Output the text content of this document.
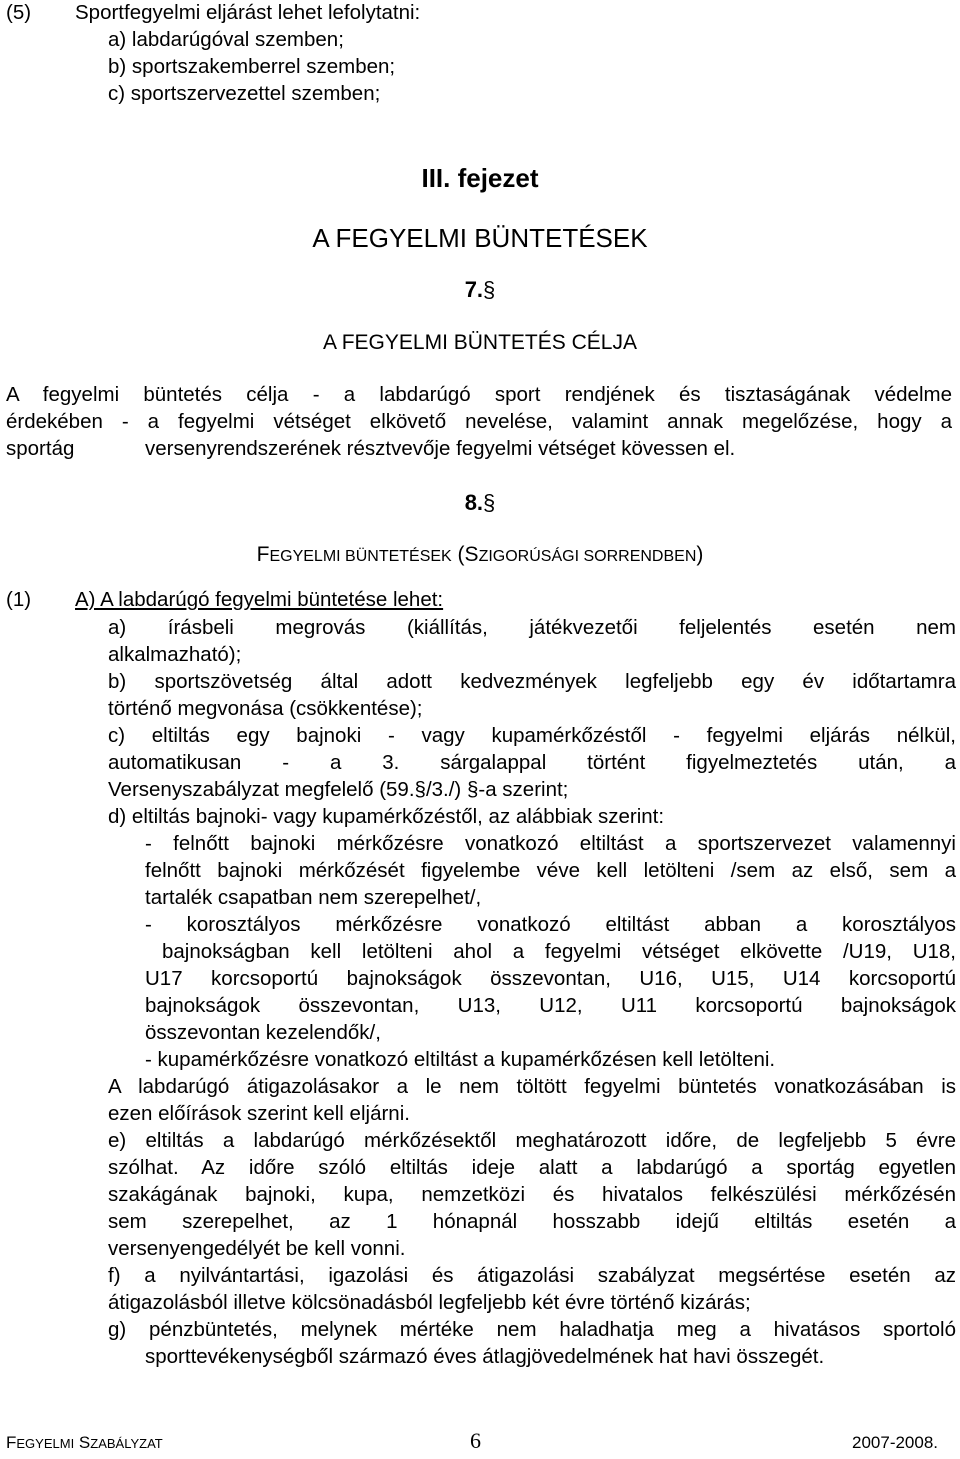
(5) Sportfegyelmi eljárást lehet lefolytatni:
a) labdarúgóval szemben;
b) sportszakemberrel szemben;
c) sportszervezettel szemben;
III. fejezet
A FEGYELMI BÜNTETÉSEK
7.§
A FEGYELMI BÜNTETÉS CÉLJA
A fegyelmi büntetés célja - a labdarúgó sport rendjének és tisztaságának védelme
érdekében - a fegyelmi vétséget elkövető nevelése, valamint annak megelőzése, hogy a
sportág	versenyrendszerének résztvevője fegyelmi vétséget kövessen el.
8.§
FEGYELMI BÜNTETÉSEK (SZIGORÚSÁGI SORRENDBEN)
(1) A) A labdarúgó fegyelmi büntetése lehet:
a) írásbeli megrovás (kiállítás, játékvezetői feljelentés esetén nem
alkalmazható);
b) sportszövetség által adott kedvezmények legfeljebb egy év időtartamra
történő megvonása (csökkentése);
c) eltiltás egy bajnoki - vagy kupamérkőzéstől - fegyelmi eljárás nélkül,
automatikusan - a 3. sárgalappal történt figyelmeztetés után, a
Versenyszabályzat megfelelő (59.§/3./) §-a szerint;
d) eltiltás bajnoki- vagy kupamérkőzéstől, az alábbiak szerint:
- felnőtt bajnoki mérkőzésre vonatkozó eltiltást a sportszervezet valamennyi
felnőtt bajnoki mérkőzését figyelembe véve kell letölteni /sem az első, sem a
tartalék csapatban nem szerepelhet/,
- korosztályos mérkőzésre vonatkozó eltiltást abban a korosztályos
bajnokságban kell letölteni ahol a fegyelmi vétséget elkövette /U19, U18,
U17 korcsoportú bajnokságok összevontan, U16, U15, U14 korcsoportú
bajnokságok összevontan, U13, U12, U11 korcsoportú bajnokságok
összevontan kezelendők/,
- kupamérkőzésre vonatkozó eltiltást a kupamérkőzésen kell letölteni.
A labdarúgó átigazolásakor a le nem töltött fegyelmi büntetés vonatkozásában is
ezen előírások szerint kell eljárni.
e) eltiltás a labdarúgó mérkőzésektől meghatározott időre, de legfeljebb 5 évre
szólhat. Az időre szóló eltiltás ideje alatt a labdarúgó a sportág egyetlen
szakágának bajnoki, kupa, nemzetközi és hivatalos felkészülési mérkőzésén
sem szerepelhet, az 1 hónapnál hosszabb idejű eltiltás esetén a
versenyengedélyét be kell vonni.
f) a nyilvántartási, igazolási és átigazolási szabályzat megsértése esetén az
átigazolásból illetve kölcsönadásból legfeljebb két évre történő kizárás;
g) pénzbüntetés, melynek mértéke nem haladhatja meg a hivatásos sportoló
sporttevékenységből származó éves átlagjövedelmének hat havi összegét.
FEGYELMI SZABÁLYZAT	6	2007-2008.
